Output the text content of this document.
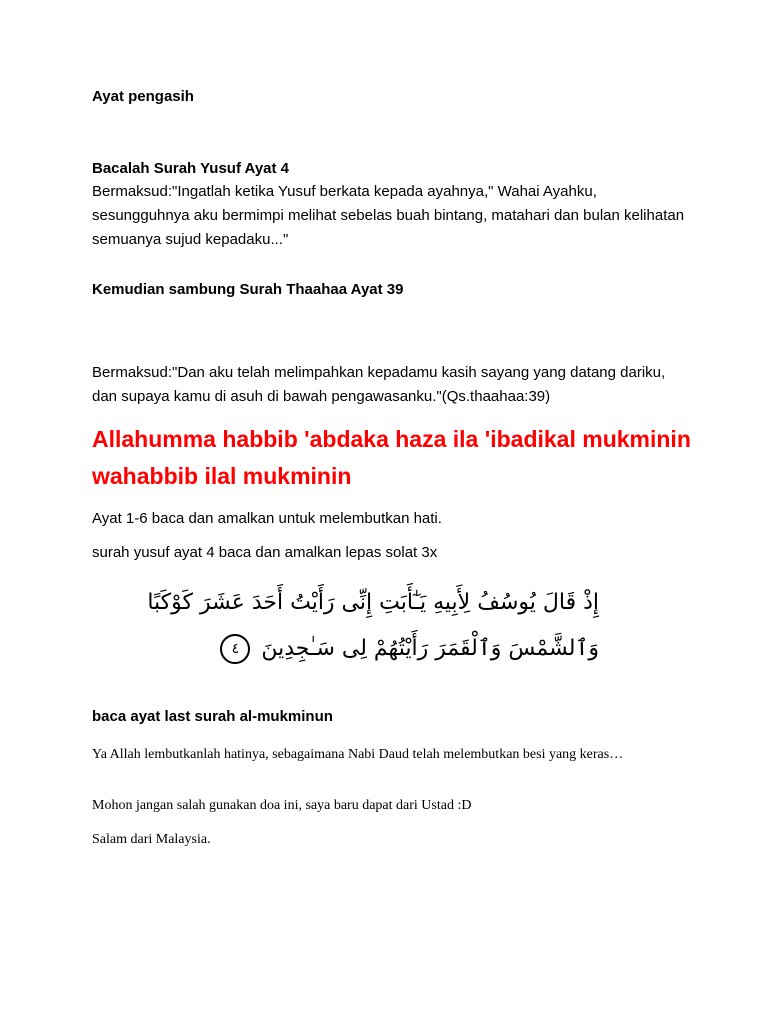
Ayat pengasih
Bacalah Surah Yusuf Ayat 4
Bermaksud:"Ingatlah ketika Yusuf berkata kepada ayahnya," Wahai Ayahku, sesungguhnya aku bermimpi melihat sebelas buah bintang, matahari dan bulan kelihatan semuanya sujud kepadaku..."
Kemudian sambung Surah Thaahaa Ayat 39
Bermaksud:"Dan aku telah melimpahkan kepadamu kasih sayang yang datang dariku, dan supaya kamu di asuh di bawah pengawasanku."(Qs.thaahaa:39)
Allahumma habbib 'abdaka haza ila 'ibadikal mukminin wahabbib ilal mukminin
Ayat 1-6 baca dan amalkan untuk melembutkan hati.
surah yusuf ayat 4 baca dan amalkan lepas solat 3x
إِذْ قَالَ يُوسُفُ لِأَبِيهِ يَـٰٓأَبَتِ إِنِّى رَأَيْتُ أَحَدَ عَشَرَ كَوْكَبًا
وَٱلشَّمْسَ وَٱلْقَمَرَ رَأَيْتُهُمْ لِى سَـٰجِدِينَ ٤
baca ayat last surah al-mukminun
Ya Allah lembutkanlah hatinya, sebagaimana Nabi Daud telah melembutkan besi yang keras…
Mohon jangan salah gunakan doa ini, saya baru dapat dari Ustad :D
Salam dari Malaysia.
